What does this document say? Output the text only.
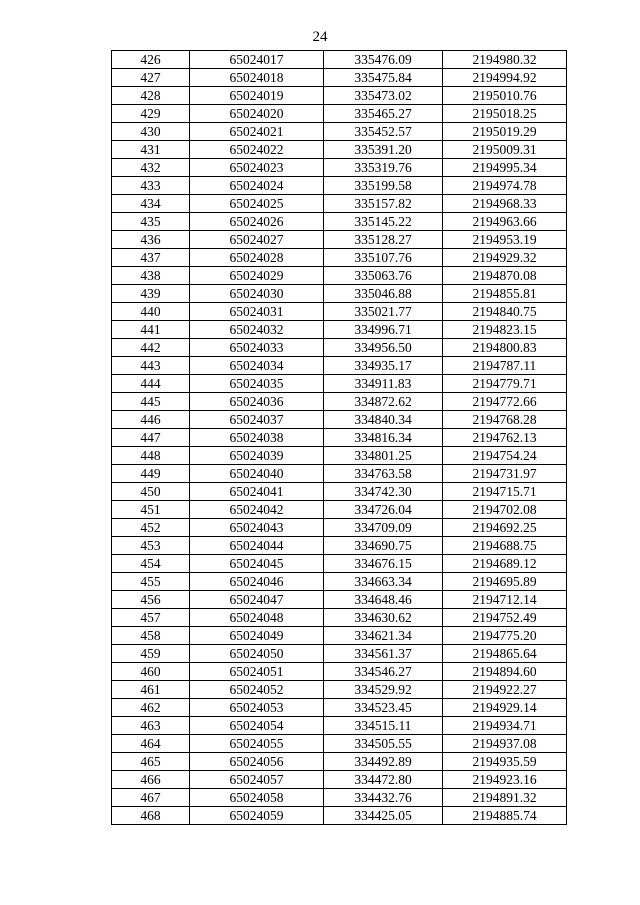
24
426	65024017	335476.09	2194980.32
427	65024018	335475.84	2194994.92
428	65024019	335473.02	2195010.76
429	65024020	335465.27	2195018.25
430	65024021	335452.57	2195019.29
431	65024022	335391.20	2195009.31
432	65024023	335319.76	2194995.34
433	65024024	335199.58	2194974.78
434	65024025	335157.82	2194968.33
435	65024026	335145.22	2194963.66
436	65024027	335128.27	2194953.19
437	65024028	335107.76	2194929.32
438	65024029	335063.76	2194870.08
439	65024030	335046.88	2194855.81
440	65024031	335021.77	2194840.75
441	65024032	334996.71	2194823.15
442	65024033	334956.50	2194800.83
443	65024034	334935.17	2194787.11
444	65024035	334911.83	2194779.71
445	65024036	334872.62	2194772.66
446	65024037	334840.34	2194768.28
447	65024038	334816.34	2194762.13
448	65024039	334801.25	2194754.24
449	65024040	334763.58	2194731.97
450	65024041	334742.30	2194715.71
451	65024042	334726.04	2194702.08
452	65024043	334709.09	2194692.25
453	65024044	334690.75	2194688.75
454	65024045	334676.15	2194689.12
455	65024046	334663.34	2194695.89
456	65024047	334648.46	2194712.14
457	65024048	334630.62	2194752.49
458	65024049	334621.34	2194775.20
459	65024050	334561.37	2194865.64
460	65024051	334546.27	2194894.60
461	65024052	334529.92	2194922.27
462	65024053	334523.45	2194929.14
463	65024054	334515.11	2194934.71
464	65024055	334505.55	2194937.08
465	65024056	334492.89	2194935.59
466	65024057	334472.80	2194923.16
467	65024058	334432.76	2194891.32
468	65024059	334425.05	2194885.74
